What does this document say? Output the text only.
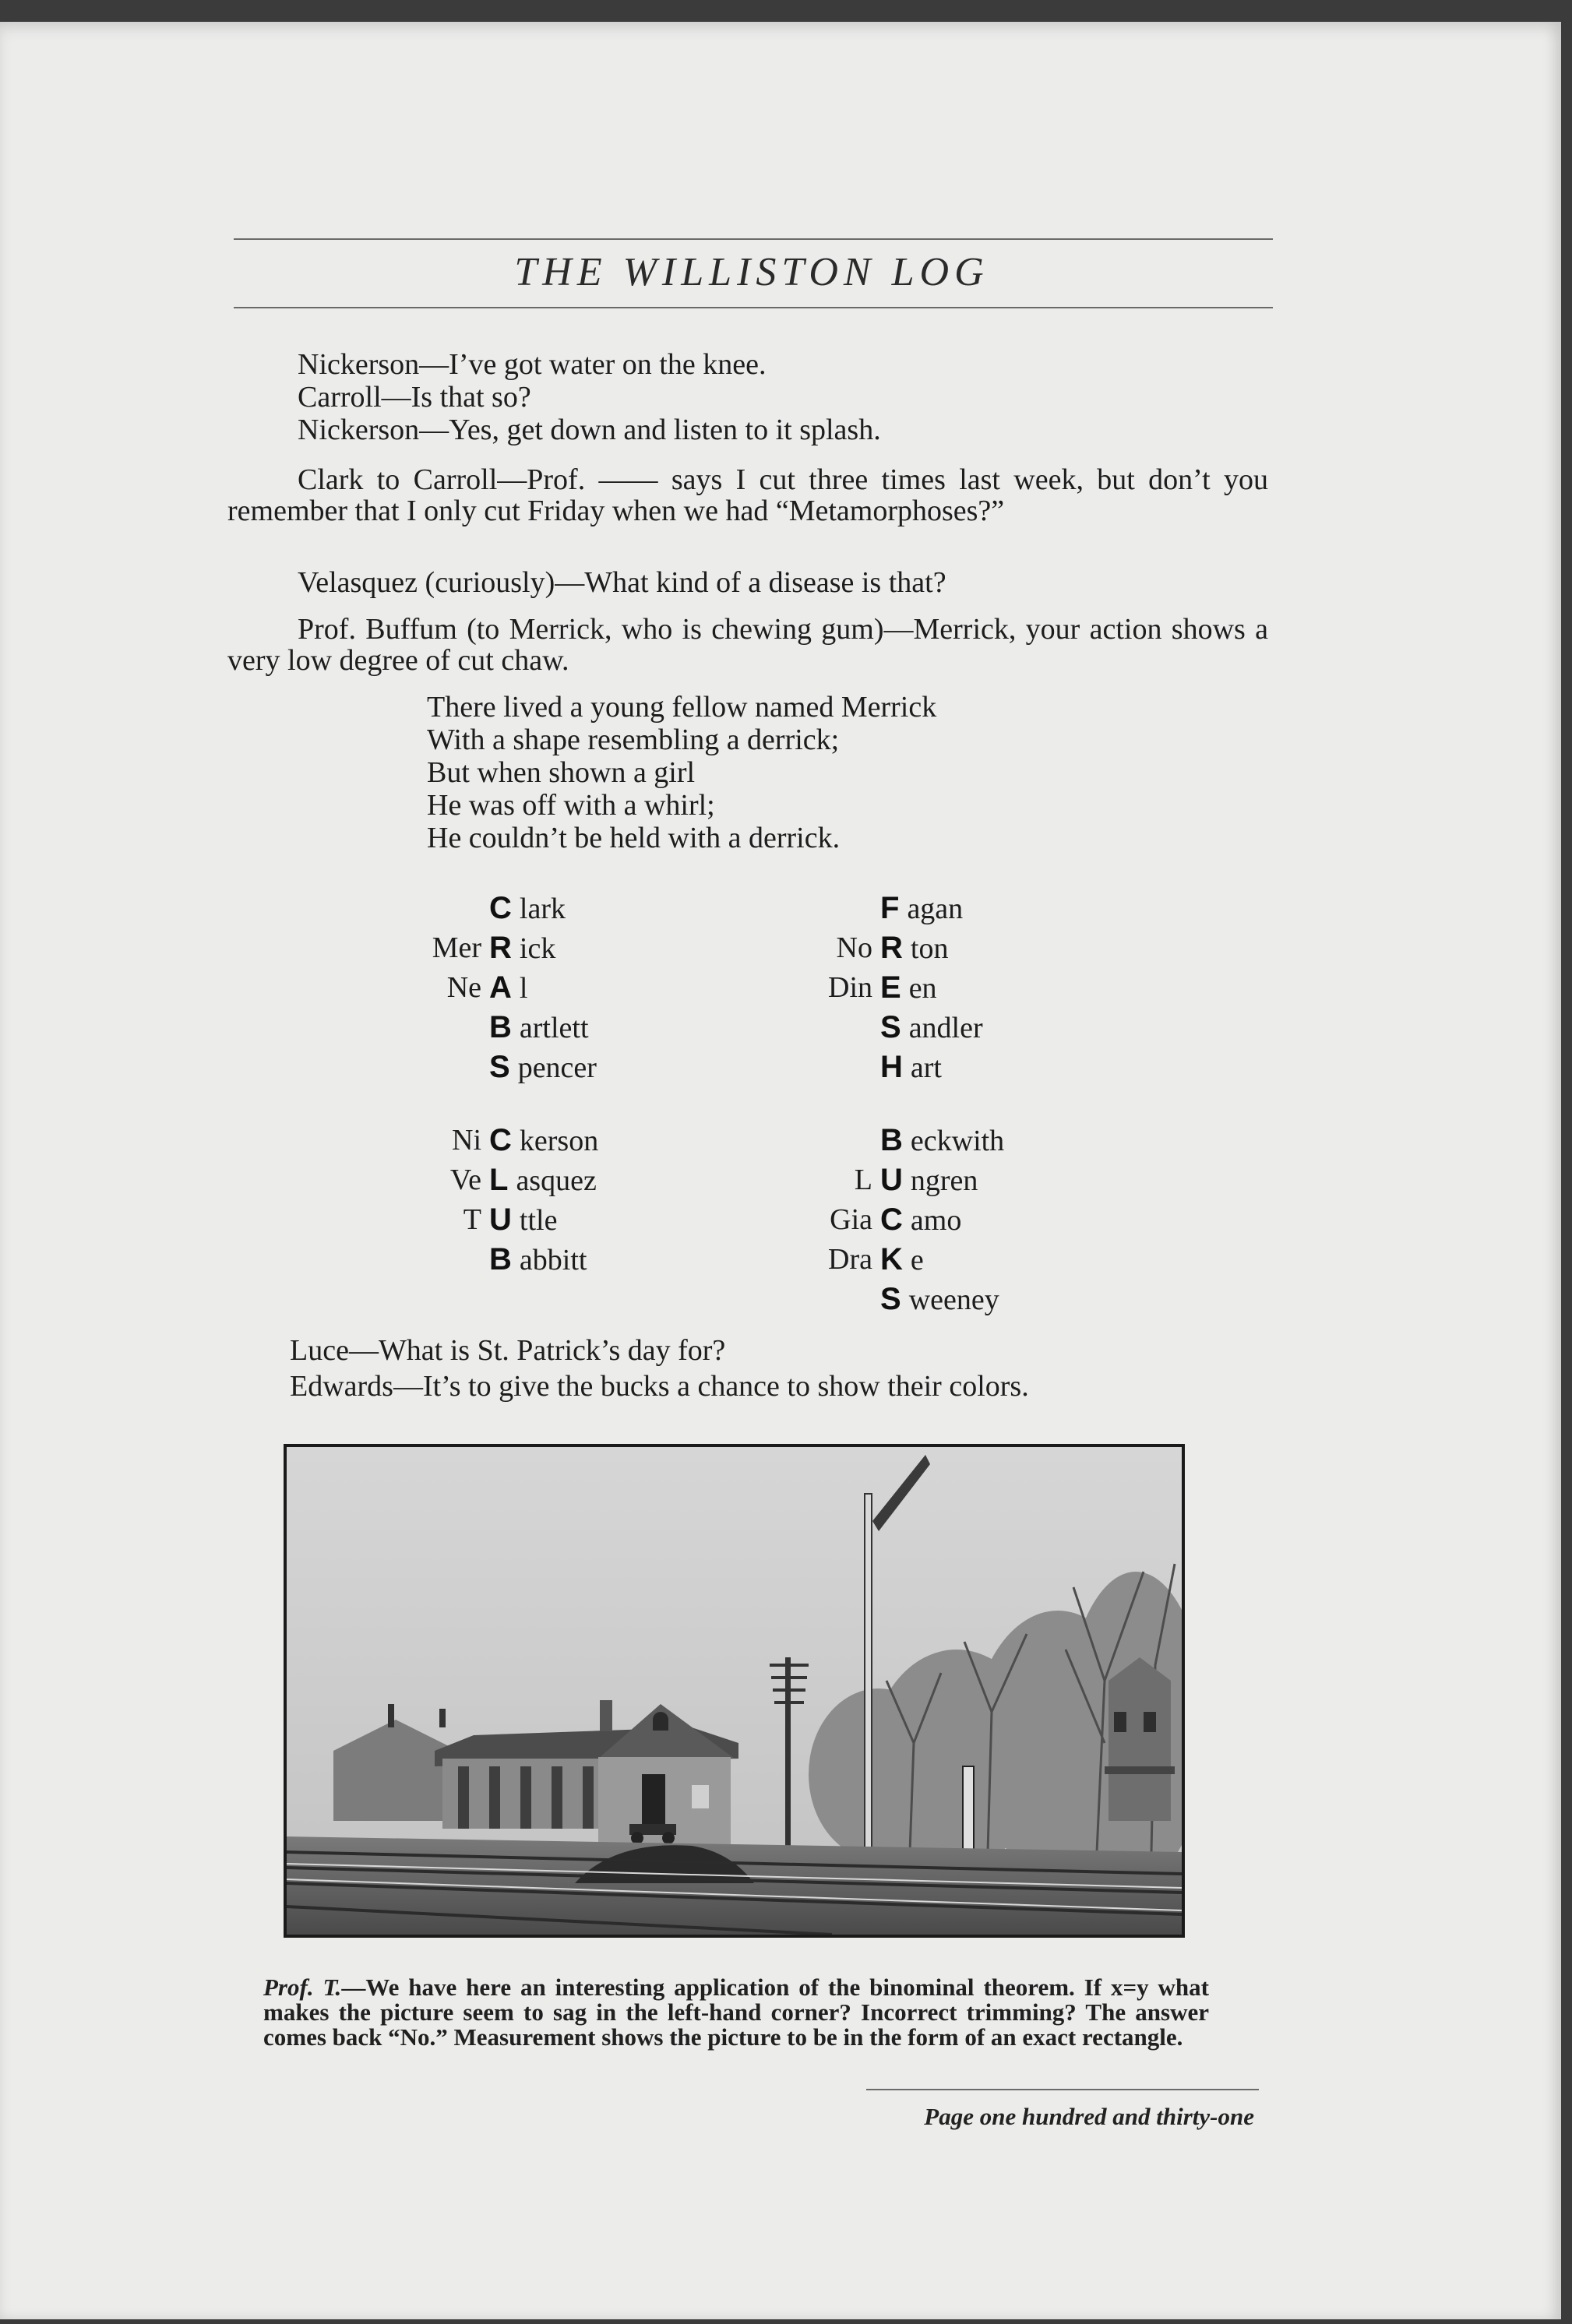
THE WILLISTON LOG
Nickerson—I’ve got water on the knee.
Carroll—Is that so?
Nickerson—Yes, get down and listen to it splash.
Clark to Carroll—Prof. —— says I cut three times last week, but don’t you remember that I only cut Friday when we had “Metamorphoses?”
Velasquez (curiously)—What kind of a disease is that?
Prof. Buffum (to Merrick, who is chewing gum)—Merrick, your action shows a very low degree of cut chaw.
There lived a young fellow named Merrick
With a shape resembling a derrick;
But when shown a girl
He was off with a whirl;
He couldn’t be held with a derrick.
C lark
Mer R ick
Ne A l
B artlett
S pencer
F agan
No R ton
Din E en
S andler
H art
Ni C kerson
Ve L asquez
T U ttle
B abbitt
B eckwith
L U ngren
Gia C amo
Dra K e
S weeney
Luce—What is St. Patrick’s day for?
Edwards—It’s to give the bucks a chance to show their colors.
Prof. T.—We have here an interesting application of the binominal theorem. If x=y what makes the picture seem to sag in the left-hand corner? Incorrect trimming? The answer comes back “No.” Measurement shows the picture to be in the form of an exact rectangle.
Page one hundred and thirty-one
